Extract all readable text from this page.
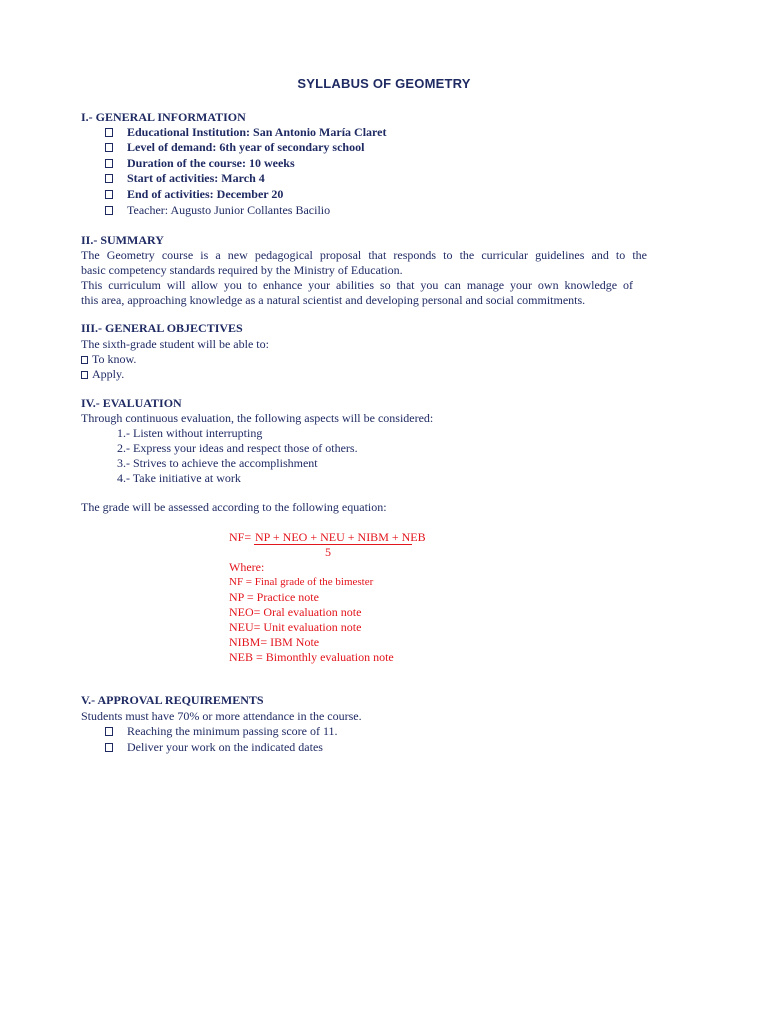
SYLLABUS OF GEOMETRY
I.- GENERAL INFORMATION
Educational Institution: San Antonio María Claret
Level of demand: 6th year of secondary school
Duration of the course: 10 weeks
Start of activities: March 4
End of activities: December 20
Teacher: Augusto Junior Collantes Bacilio
II.- SUMMARY
The Geometry course is a new pedagogical proposal that responds to the curricular guidelines and to the
basic competency standards required by the Ministry of Education.
This curriculum will allow you to enhance your abilities so that you can manage your own knowledge of
this area, approaching knowledge as a natural scientist and developing personal and social commitments.
III.- GENERAL OBJECTIVES
The sixth-grade student will be able to:
To know.
Apply.
IV.- EVALUATION
Through continuous evaluation, the following aspects will be considered:
1.- Listen without interrupting
2.- Express your ideas and respect those of others.
3.- Strives to achieve the accomplishment
4.- Take initiative at work
The grade will be assessed according to the following equation:
NF= NP + NEO + NEU + NIBM + NEB
5
Where:
NF = Final grade of the bimester
NP = Practice note
NEO= Oral evaluation note
NEU= Unit evaluation note
NIBM= IBM Note
NEB = Bimonthly evaluation note
V.- APPROVAL REQUIREMENTS
Students must have 70% or more attendance in the course.
Reaching the minimum passing score of 11.
Deliver your work on the indicated dates
